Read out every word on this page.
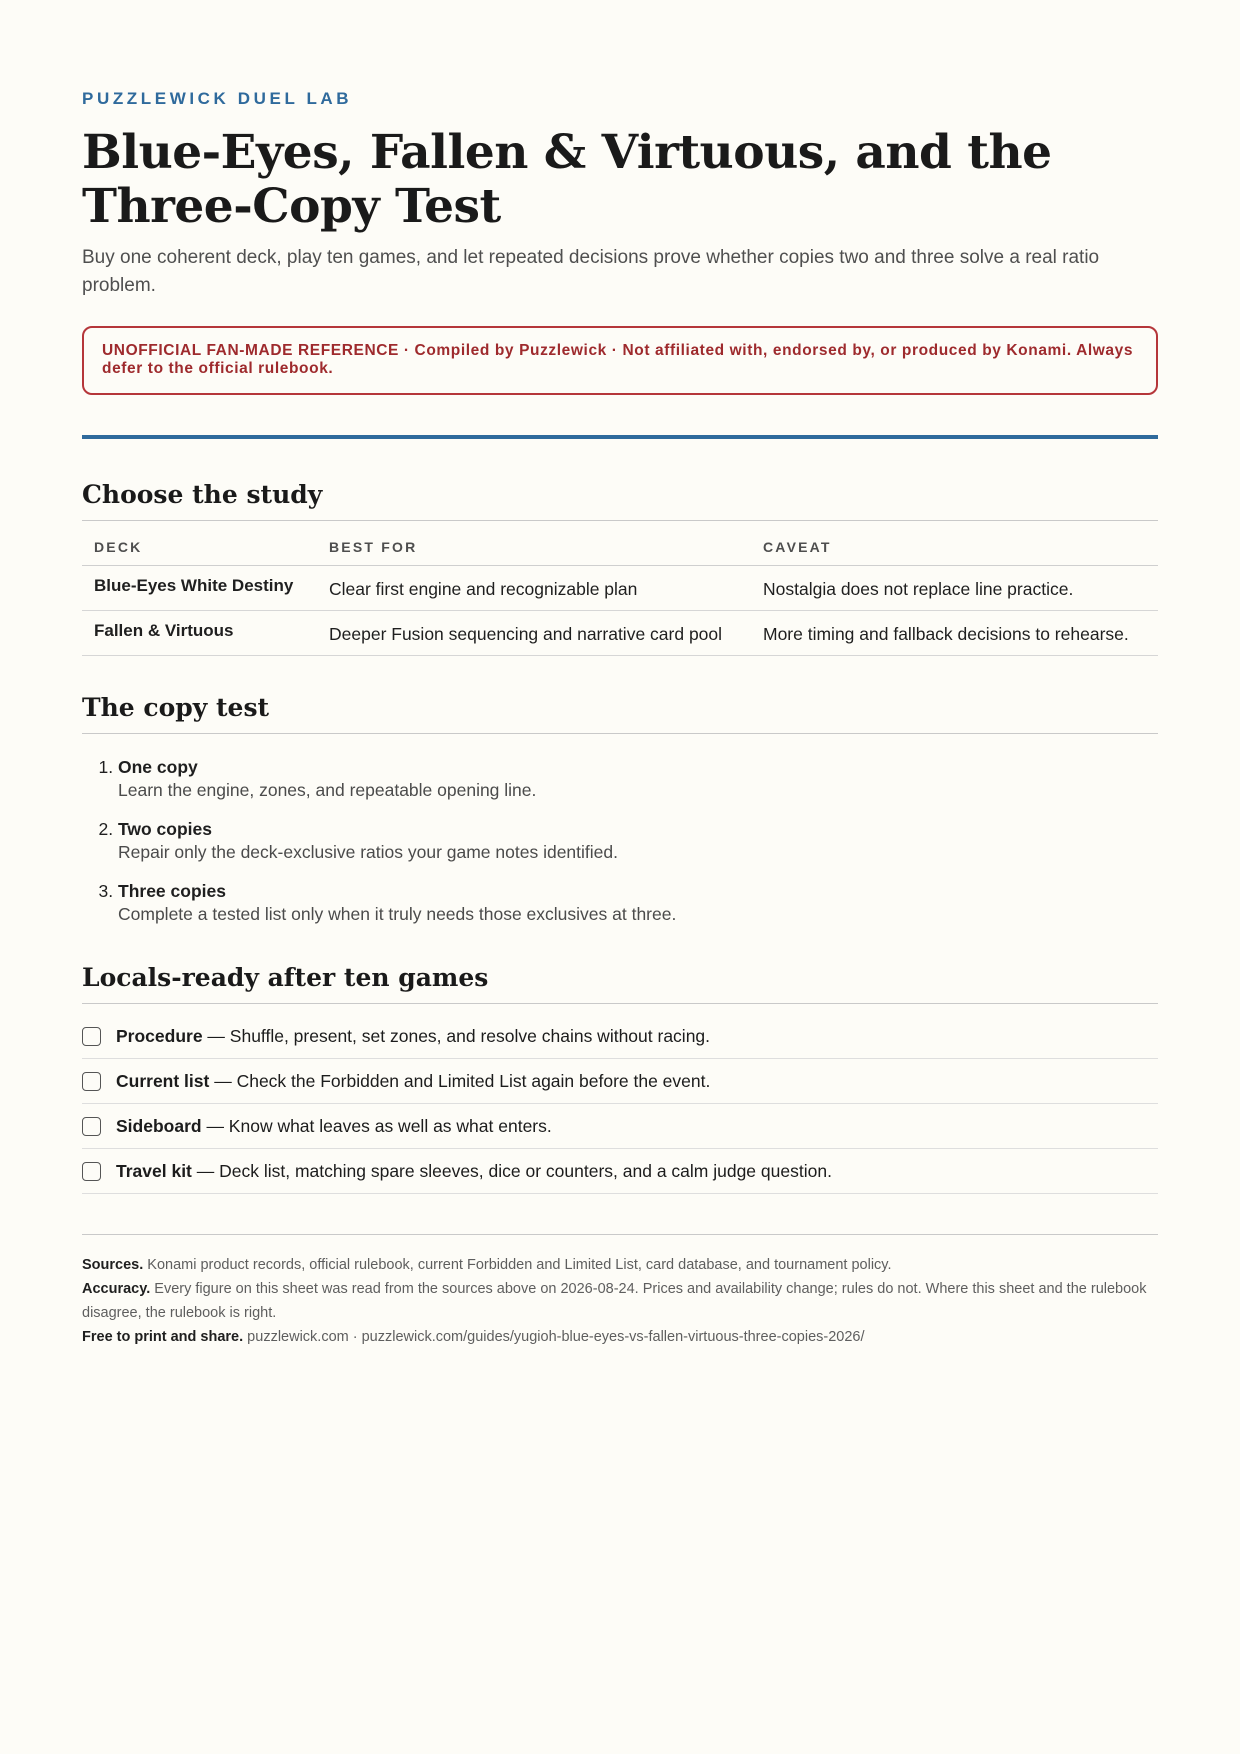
PUZZLEWICK DUEL LAB
Blue-Eyes, Fallen & Virtuous, and the Three-Copy Test

Buy one coherent deck, play ten games, and let repeated decisions prove whether copies two and three solve a real ratio problem.

UNOFFICIAL FAN-MADE REFERENCE · Compiled by Puzzlewick · Not affiliated with, endorsed by, or produced by Konami. Always defer to the official rulebook.
Choose the study
DECK	BEST FOR	CAVEAT
Blue-Eyes White Destiny	Clear first engine and recognizable plan	Nostalgia does not replace line practice.
Fallen & Virtuous	Deeper Fusion sequencing and narrative card pool	More timing and fallback decisions to rehearse.
The copy test
1. One copy
Learn the engine, zones, and repeatable opening line.
2. Two copies
Repair only the deck-exclusive ratios your game notes identified.
3. Three copies
Complete a tested list only when it truly needs those exclusives at three.
Locals-ready after ten games
Procedure — Shuffle, present, set zones, and resolve chains without racing.
Current list — Check the Forbidden and Limited List again before the event.
Sideboard — Know what leaves as well as what enters.
Travel kit — Deck list, matching spare sleeves, dice or counters, and a calm judge question.
Sources. Konami product records, official rulebook, current Forbidden and Limited List, card database, and tournament policy.
Accuracy. Every figure on this sheet was read from the sources above on 2026-08-24. Prices and availability change; rules do not. Where this sheet and the rulebook disagree, the rulebook is right.
Free to print and share. puzzlewick.com · puzzlewick.com/guides/yugioh-blue-eyes-vs-fallen-virtuous-three-copies-2026/
